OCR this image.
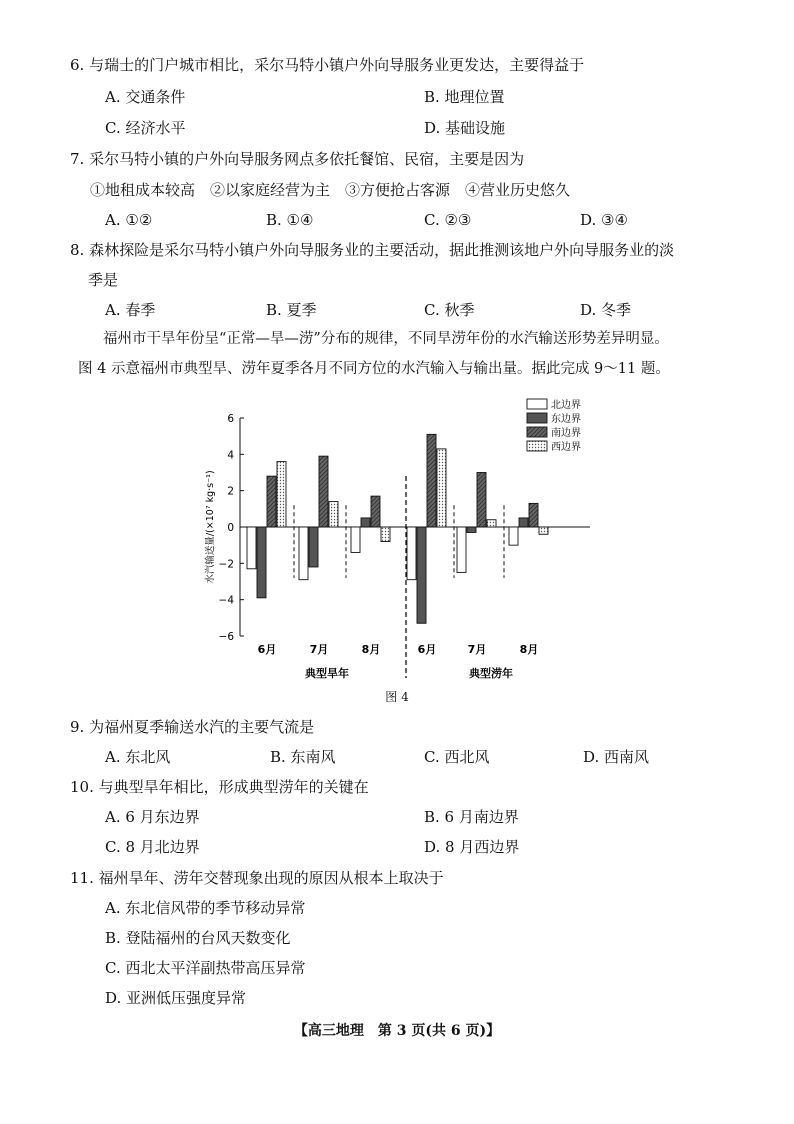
6. 与瑞士的门户城市相比，采尔马特小镇户外向导服务业更发达，主要得益于
A. 交通条件	B. 地理位置
C. 经济水平	D. 基础设施
7. 采尔马特小镇的户外向导服务网点多依托餐馆、民宿，主要是因为
①地租成本较高　②以家庭经营为主　③方便抢占客源　④营业历史悠久
A. ①②	B. ①④	C. ②③	D. ③④
8. 森林探险是采尔马特小镇户外向导服务业的主要活动，据此推测该地户外向导服务业的淡
季是
A. 春季	B. 夏季	C. 秋季	D. 冬季
福州市干旱年份呈“正常—旱—涝”分布的规律，不同旱涝年份的水汽输送形势差异明显。
图 4 示意福州市典型旱、涝年夏季各月不同方位的水汽输入与输出量。据此完成 9～11 题。
6
4
2
0
−2
−4
−6
水汽输送量/(×10⁷ kg·s⁻¹)
6月	7月	8月	6月	7月	8月
典型旱年	典型涝年
北边界
东边界
南边界
西边界
图 4
9. 为福州夏季输送水汽的主要气流是
A. 东北风	B. 东南风	C. 西北风	D. 西南风
10. 与典型旱年相比，形成典型涝年的关键在
A. 6 月东边界	B. 6 月南边界
C. 8 月北边界	D. 8 月西边界
11. 福州旱年、涝年交替现象出现的原因从根本上取决于
A. 东北信风带的季节移动异常
B. 登陆福州的台风天数变化
C. 西北太平洋副热带高压异常
D. 亚洲低压强度异常
【高三地理　第 3 页(共 6 页)】
